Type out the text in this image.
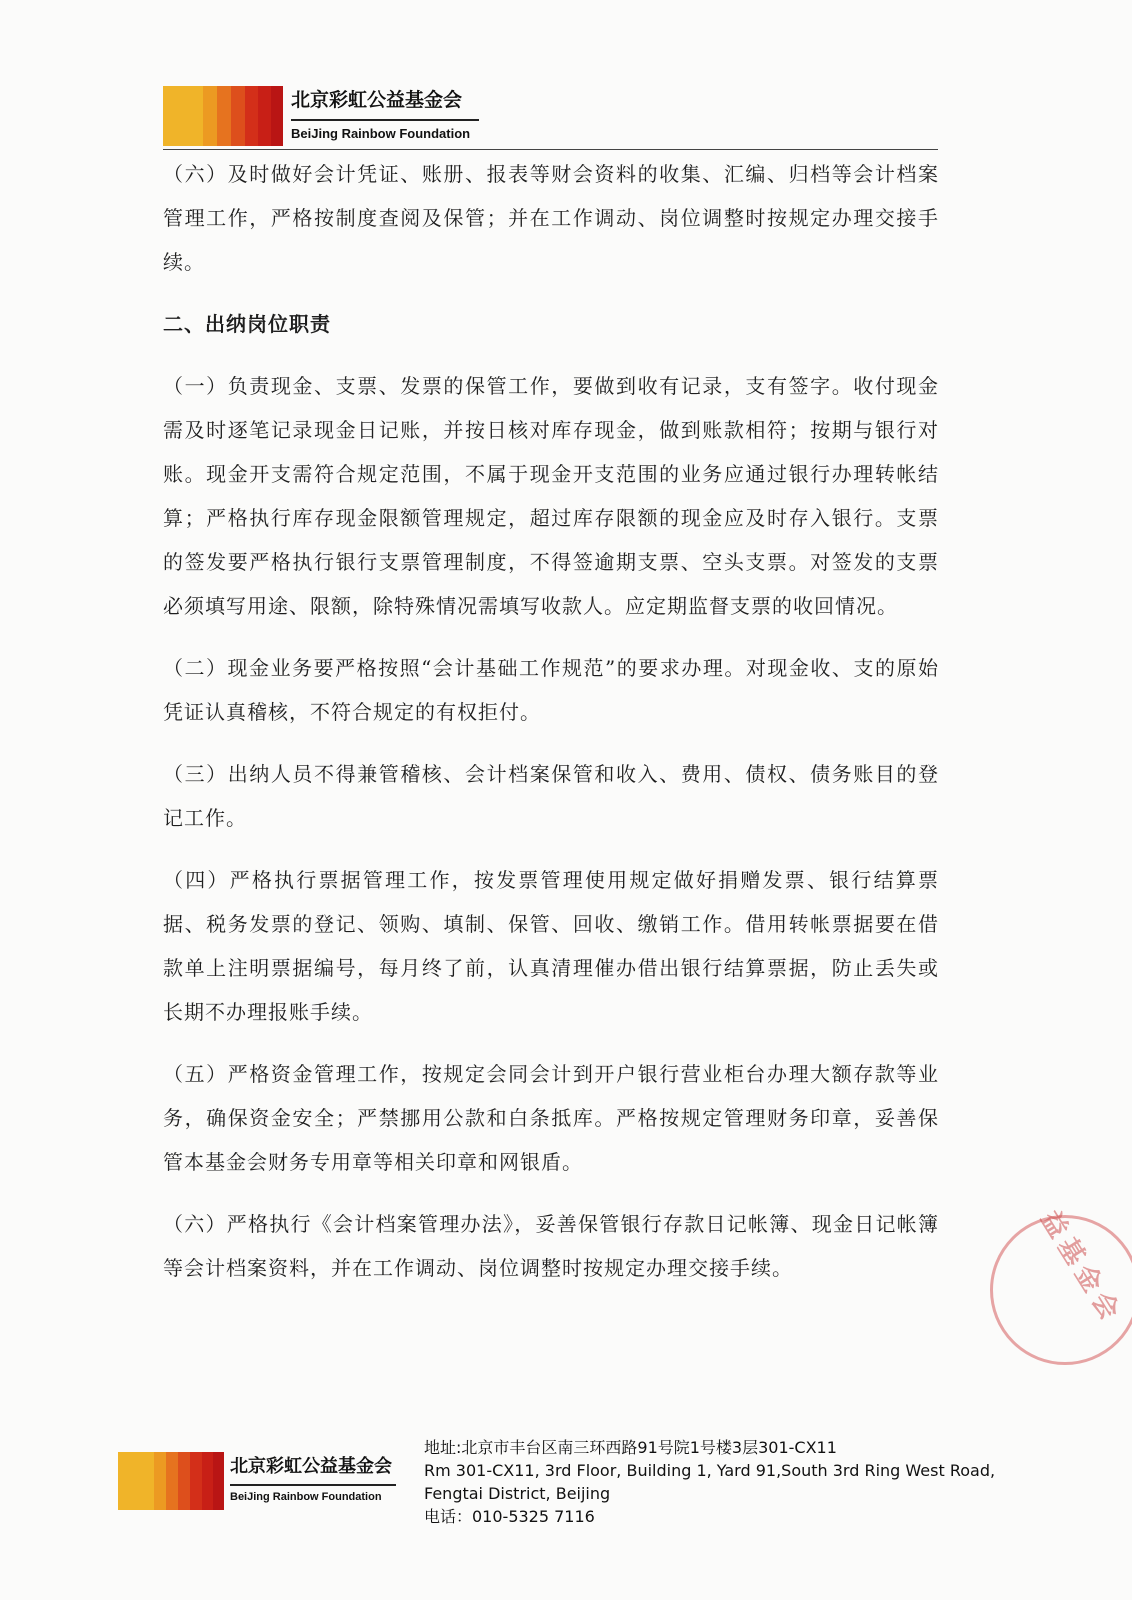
北京彩虹公益基金会
BeiJing Rainbow Foundation

（六）及时做好会计凭证、账册、报表等财会资料的收集、汇编、归档等会计档案管理工作，严格按制度查阅及保管；并在工作调动、岗位调整时按规定办理交接手续。

二、出纳岗位职责

（一）负责现金、支票、发票的保管工作，要做到收有记录，支有签字。收付现金需及时逐笔记录现金日记账，并按日核对库存现金，做到账款相符；按期与银行对账。现金开支需符合规定范围，不属于现金开支范围的业务应通过银行办理转帐结算；严格执行库存现金限额管理规定，超过库存限额的现金应及时存入银行。支票的签发要严格执行银行支票管理制度，不得签逾期支票、空头支票。对签发的支票必须填写用途、限额，除特殊情况需填写收款人。应定期监督支票的收回情况。

（二）现金业务要严格按照“会计基础工作规范”的要求办理。对现金收、支的原始凭证认真稽核，不符合规定的有权拒付。

（三）出纳人员不得兼管稽核、会计档案保管和收入、费用、债权、债务账目的登记工作。

（四）严格执行票据管理工作，按发票管理使用规定做好捐赠发票、银行结算票据、税务发票的登记、领购、填制、保管、回收、缴销工作。借用转帐票据要在借款单上注明票据编号，每月终了前，认真清理催办借出银行结算票据，防止丢失或长期不办理报账手续。

（五）严格资金管理工作，按规定会同会计到开户银行营业柜台办理大额存款等业务，确保资金安全；严禁挪用公款和白条抵库。严格按规定管理财务印章，妥善保管本基金会财务专用章等相关印章和网银盾。

（六）严格执行《会计档案管理办法》，妥善保管银行存款日记帐簿、现金日记帐簿等会计档案资料，并在工作调动、岗位调整时按规定办理交接手续。	益基金会
北京彩虹公益基金会
BeiJing Rainbow Foundation
地址:北京市丰台区南三环西路91号院1号楼3层301-CX11
Rm 301-CX11, 3rd Floor, Building 1, Yard 91,South 3rd Ring West Road,
Fengtai District, Beijing
电话：010-5325 7116
